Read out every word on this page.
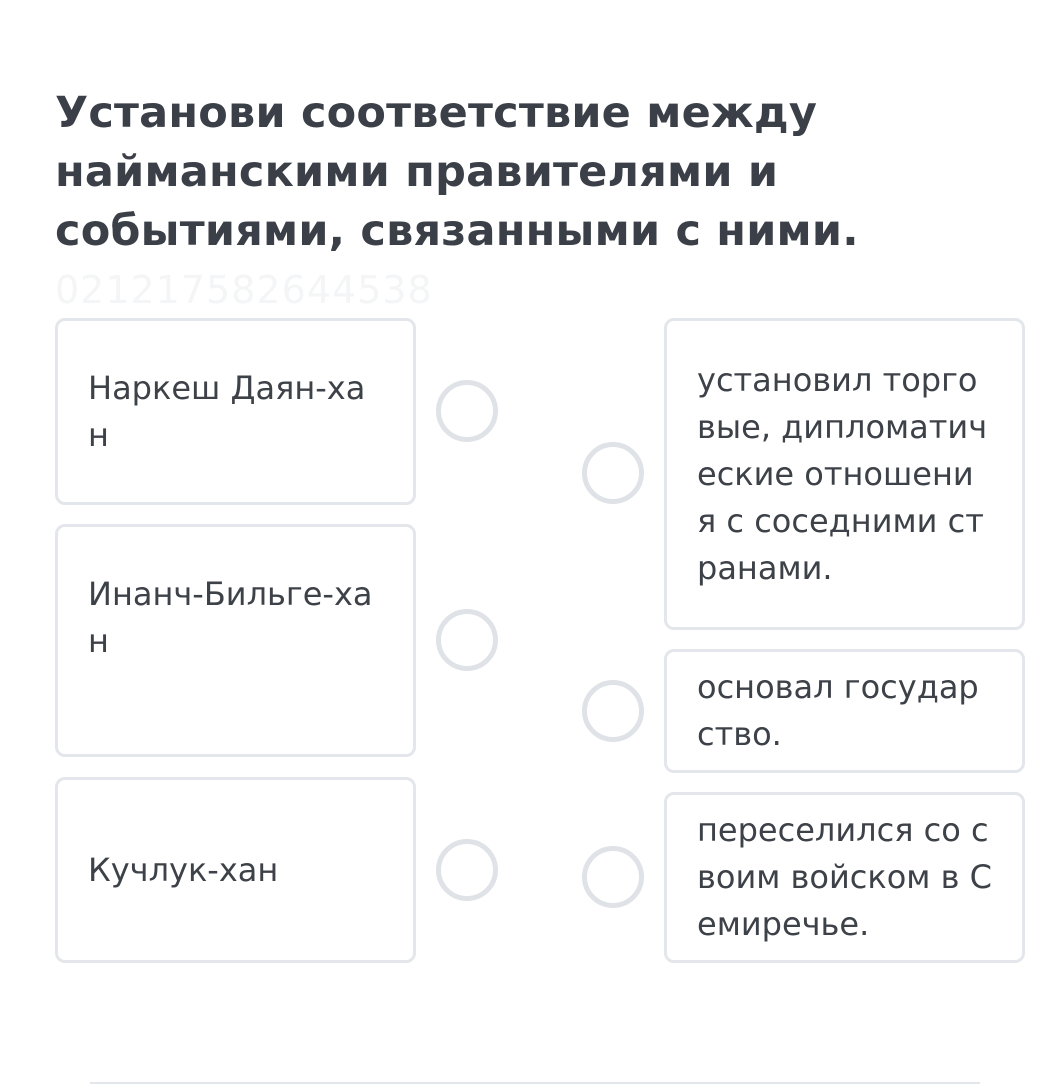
Установи соответствие между найманскими правителями и событиями, связанными с ними.
021217582644538
Наркеш Даян-хан
Инанч-Бильге-хан
Кучлук-хан
установил торговые, дипломатические отношения с соседними странами.
основал государство.
переселился со своим войском в Семиречье.
